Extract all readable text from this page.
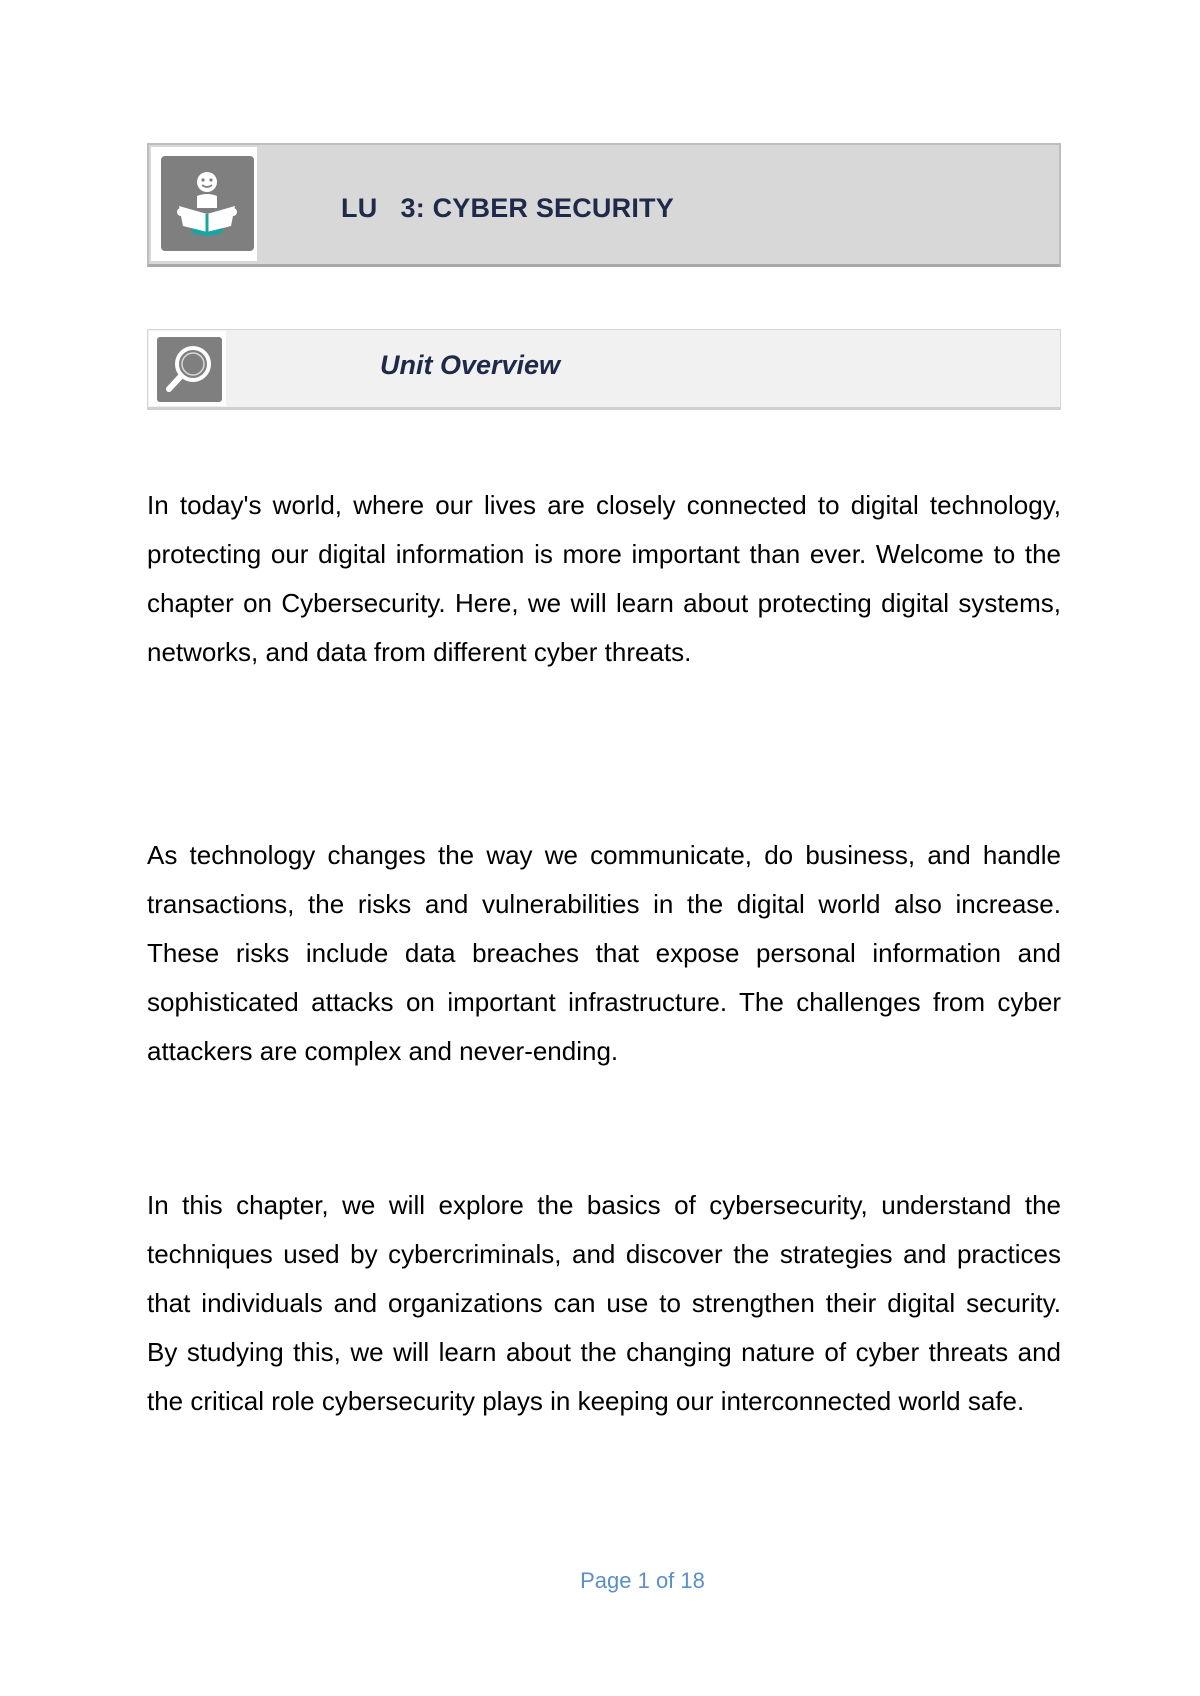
LU   3: CYBER SECURITY
Unit Overview

In today's world, where our lives are closely connected to digital technology, protecting our digital information is more important than ever. Welcome to the chapter on Cybersecurity. Here, we will learn about protecting digital systems, networks, and data from different cyber threats.

As technology changes the way we communicate, do business, and handle transactions, the risks and vulnerabilities in the digital world also increase. These risks include data breaches that expose personal information and sophisticated attacks on important infrastructure. The challenges from cyber attackers are complex and never-ending.

In this chapter, we will explore the basics of cybersecurity, understand the techniques used by cybercriminals, and discover the strategies and practices that individuals and organizations can use to strengthen their digital security. By studying this, we will learn about the changing nature of cyber threats and the critical role cybersecurity plays in keeping our interconnected world safe.

Page 1 of 18
